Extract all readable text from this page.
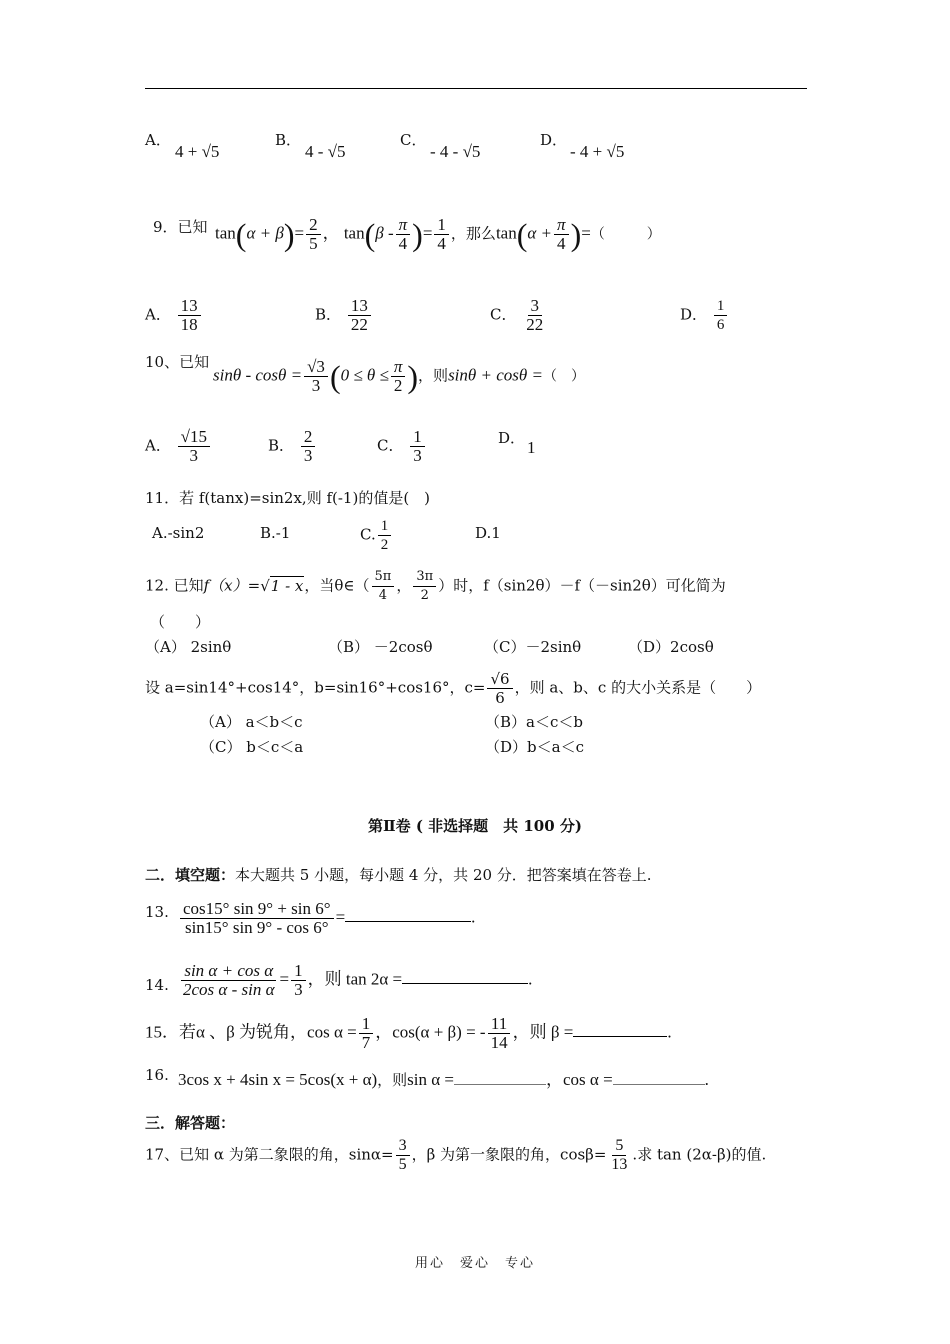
A．
4 + √5
B．
4 - √5
C．
- 4 - √5
D．
- 4 + √5
9．已知 $\tan(\alpha + \beta)= \frac{2}{5}$ ， $\tan(\beta - \frac{\pi}{4}$ )= $\frac{1}{4}$ ，那么$\tan(\alpha + \frac{\pi}{4}$ )=（　　　）
A． $\frac{13}{18}$	B． $\frac{13}{22}$	C． $\frac{3}{22}$	D． $\frac{1}{6}$
10、已知
$\sin\theta - \cos\theta = \frac{√3}{3} (0 \le \theta \le \frac{\pi}{2}$ )，则sinθ + cosθ =（　）
A． $\frac{√15}{3}$	B． $\frac{2}{3}$	C． $\frac{1}{3}$	D． 1
11．若 f(tanx)=sin2x,则 f(-1)的值是(　)
A.-sin2	B.-1	C. $\frac{1}{2}$	D.1
12. 已知f（x）=√1 - x，当θ∈（ $\frac{5\pi}{4}$ ， $\frac{3\pi}{2}$ ）时，f（sin2θ）－f（－sin2θ）可化简为
（　　）
（A） 2sinθ	（B） －2cosθ	（C）－2sinθ	（D）2cosθ
设 a=sin14°+cos14°，b=sin16°+cos16°，$c= \frac{√6}{6}$ ，则 a、b、c 的大小关系是（　　）
（A） a＜b＜c	（B）a＜c＜b
（C） b＜c＜a	（D）b＜a＜c
第Ⅱ卷 ( 非选择题　共 100 分)
二．填空题：本大题共 5 小题，每小题 4 分，共 20 分．把答案填在答卷上.
13. $\frac{\cos 15^\circ \sin 9^\circ + \sin 6^\circ}{\sin 15^\circ \sin 9^\circ - \cos 6^\circ}$ =	.
14. $\frac{\text{sin α + cos α}}{\text{2cos α - sin α}} = \frac{1}{3}$ ，则 tan 2α =	.
15．若α 、β 为锐角，$\cos \alpha = \frac{1}{7}$ ，cos(α + β) = - $\frac{11}{14}$ ，则 β =	.
16. 3cos x + 4sin x = 5cos(x + α)，则sin α =	，cos α =	.
三．解答题：
17、已知 α 为第二象限的角，$\sin\alpha= \frac{3}{5}$ ，β 为第一象限的角，$\cos\beta= \frac{5}{13}$ .求 tan (2α-β)的值.
用心　爱心　专心
